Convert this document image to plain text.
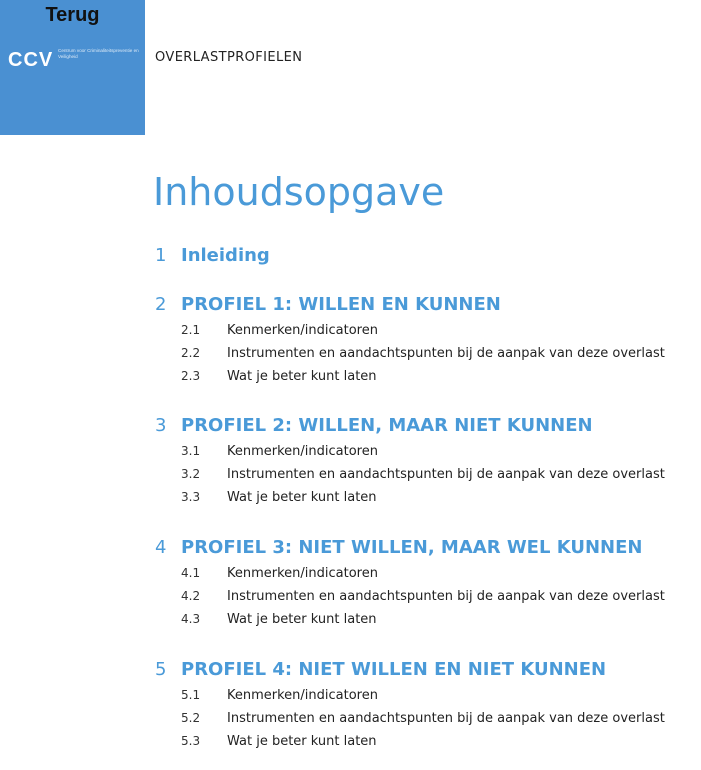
Terug
CCV Centrum voor Criminaliteitspreventie en Veiligheid	OVERLASTPROFIELEN
Inhoudsopgave
1 Inleiding
2 PROFIEL 1: WILLEN EN KUNNEN
2.1	Kenmerken/indicatoren
2.2	Instrumenten en aandachtspunten bij de aanpak van deze overlast
2.3	Wat je beter kunt laten
3 PROFIEL 2: WILLEN, MAAR NIET KUNNEN
3.1	Kenmerken/indicatoren
3.2	Instrumenten en aandachtspunten bij de aanpak van deze overlast
3.3	Wat je beter kunt laten
4 PROFIEL 3: NIET WILLEN, MAAR WEL KUNNEN
4.1	Kenmerken/indicatoren
4.2	Instrumenten en aandachtspunten bij de aanpak van deze overlast
4.3	Wat je beter kunt laten
5 PROFIEL 4: NIET WILLEN EN NIET KUNNEN
5.1	Kenmerken/indicatoren
5.2	Instrumenten en aandachtspunten bij de aanpak van deze overlast
5.3	Wat je beter kunt laten
